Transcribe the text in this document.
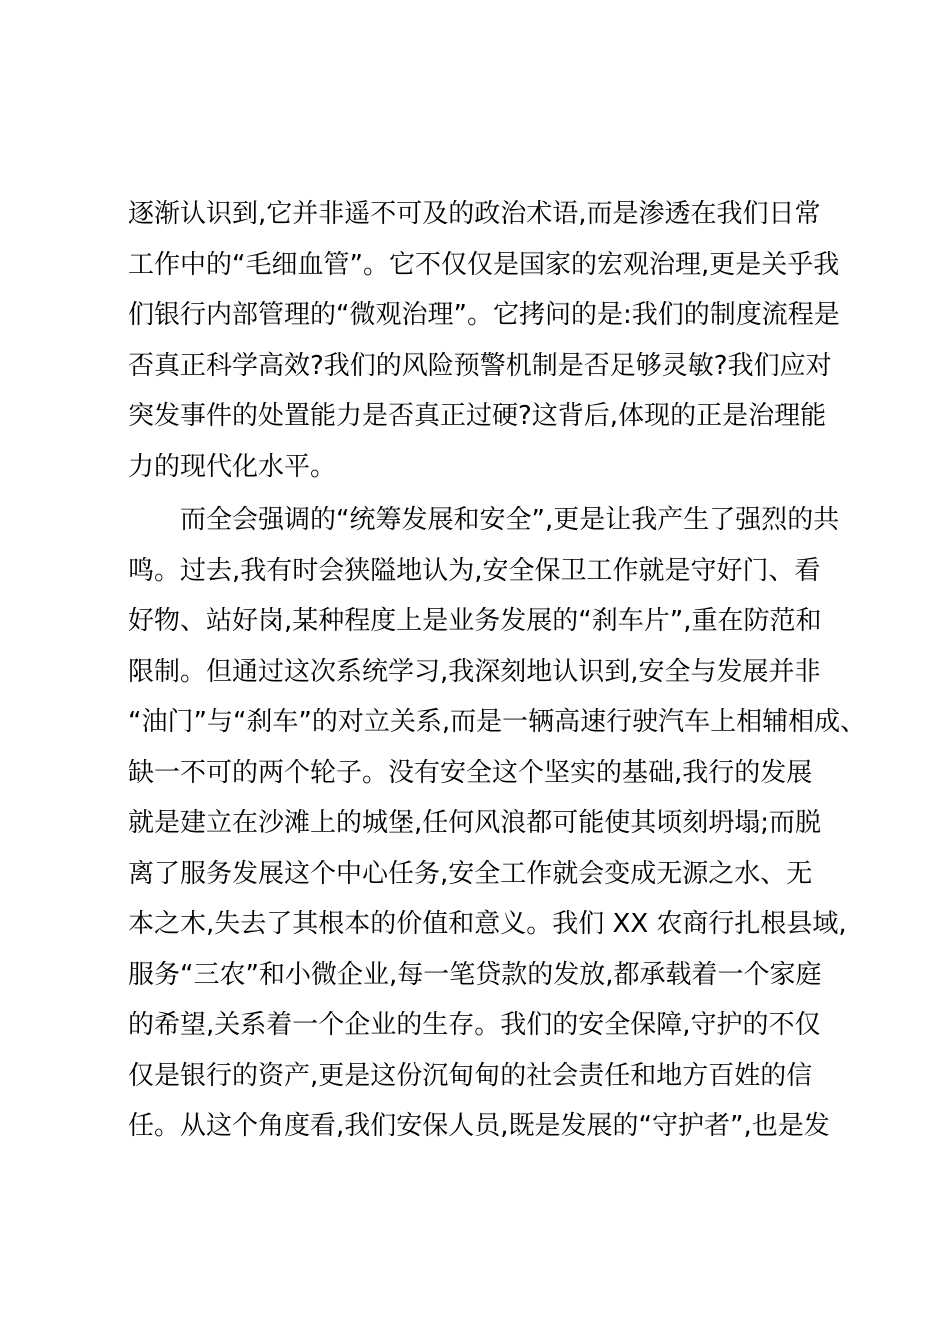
逐渐认识到,它并非遥不可及的政治术语,而是渗透在我们日常
工作中的“毛细血管”。它不仅仅是国家的宏观治理,更是关乎我
们银行内部管理的“微观治理”。它拷问的是:我们的制度流程是
否真正科学高效?我们的风险预警机制是否足够灵敏?我们应对
突发事件的处置能力是否真正过硬?这背后,体现的正是治理能
力的现代化水平。
　　而全会强调的“统筹发展和安全”,更是让我产生了强烈的共
鸣。过去,我有时会狭隘地认为,安全保卫工作就是守好门、看
好物、站好岗,某种程度上是业务发展的“刹车片”,重在防范和
限制。但通过这次系统学习,我深刻地认识到,安全与发展并非
“油门”与“刹车”的对立关系,而是一辆高速行驶汽车上相辅相成、
缺一不可的两个轮子。没有安全这个坚实的基础,我行的发展
就是建立在沙滩上的城堡,任何风浪都可能使其顷刻坍塌;而脱
离了服务发展这个中心任务,安全工作就会变成无源之水、无
本之木,失去了其根本的价值和意义。我们 XX 农商行扎根县域,
服务“三农”和小微企业,每一笔贷款的发放,都承载着一个家庭
的希望,关系着一个企业的生存。我们的安全保障,守护的不仅
仅是银行的资产,更是这份沉甸甸的社会责任和地方百姓的信
任。从这个角度看,我们安保人员,既是发展的“守护者”,也是发
